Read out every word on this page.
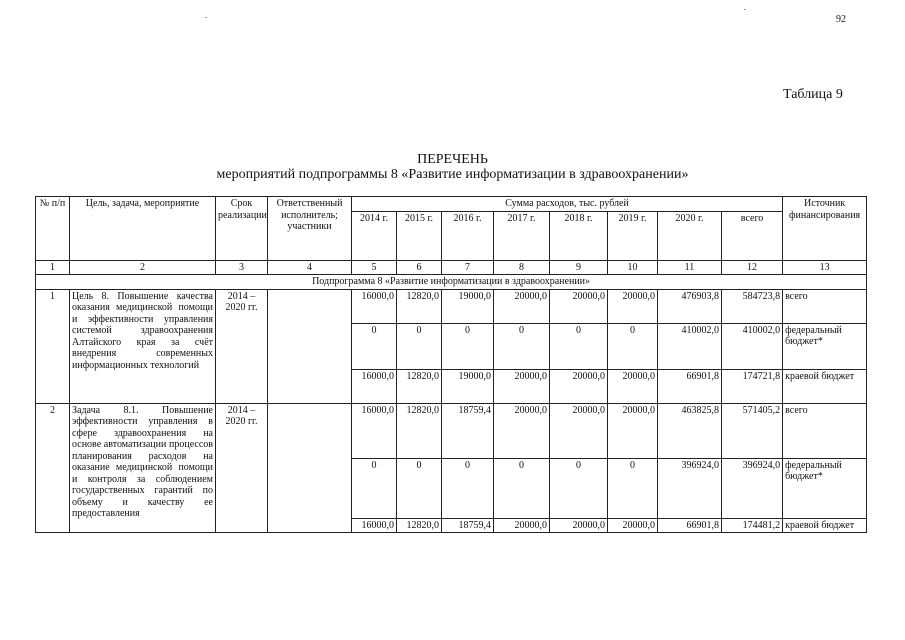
92
Таблица 9
ПЕРЕЧЕНЬ
мероприятий подпрограммы 8 «Развитие информатизации в здравоохранении»
№ п/п	Цель, задача, мероприятие	Срок реализации	Ответственный исполнитель; участники	Сумма расходов, тыс. рублей								Источник финансирования
				2014 г.	2015 г.	2016 г.	2017 г.	2018 г.	2019 г.	2020 г.	всего	
1	2	3	4	5	6	7	8	9	10	11	12	13
Подпрограмма 8 «Развитие информатизации в здравоохранении»												
1	Цель 8. Повышение качества оказания медицинской помощи и эффективности управления системой здравоохранения Алтайского края за счёт внедрения современных информационных технологий	2014 – 2020 гг.		16000,0	12820,0	19000,0	20000,0	20000,0	20000,0	476903,8	584723,8	всего
				0	0	0	0	0	0	410002,0	410002,0	федеральный бюджет*
				16000,0	12820,0	19000,0	20000,0	20000,0	20000,0	66901,8	174721,8	краевой бюджет
2	Задача 8.1. Повышение эффективности управления в сфере здравоохранения на основе автоматизации процессов планирования расходов на оказание медицинской помощи и контроля за соблюдением государственных гарантий по объему и качеству ее предоставления	2014 – 2020 гг.		16000,0	12820,0	18759,4	20000,0	20000,0	20000,0	463825,8	571405,2	всего
				0	0	0	0	0	0	396924,0	396924,0	федеральный бюджет*
				16000,0	12820,0	18759,4	20000,0	20000,0	20000,0	66901,8	174481,2	краевой бюджет
